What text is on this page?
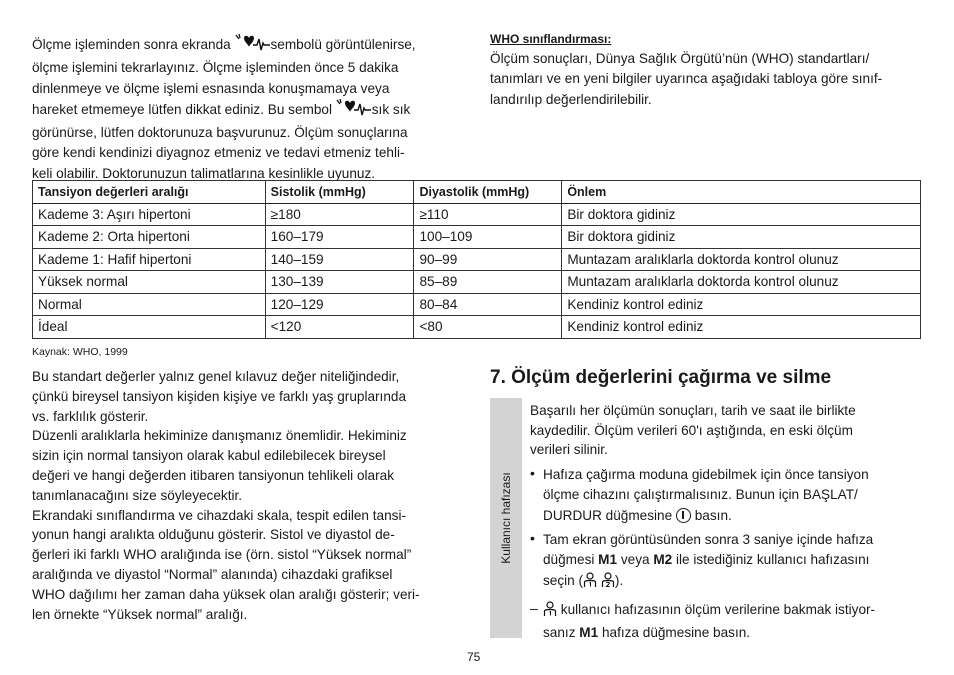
Ölçme işleminden sonra ekranda	sembolü görüntülenirse,
ölçme işlemini tekrarlayınız. Ölçme işleminden önce 5 dakika
dinlenmeye ve ölçme işlemi esnasında konuşmamaya veya
hareket etmemeye lütfen dikkat ediniz. Bu sembol	sık sık
görünürse, lütfen doktorunuza başvurunuz. Ölçüm sonuçlarına
göre kendi kendinizi diyagnoz etmeniz ve tedavi etmeniz tehli-
keli olabilir. Doktorunuzun talimatlarına kesinlikle uyunuz.
WHO sınıflandırması:
Ölçüm sonuçları, Dünya Sağlık Örgütü’nün (WHO) standartları/
tanımları ve en yeni bilgiler uyarınca aşağıdaki tabloya göre sınıf-
landırılıp değerlendirilebilir.
Tansiyon değerleri aralığı	Sistolik (mmHg)	Diyastolik (mmHg)	Önlem
Kademe 3: Aşırı hipertoni	≥180	≥110	Bir doktora gidiniz
Kademe 2: Orta hipertoni	160–179	100–109	Bir doktora gidiniz
Kademe 1: Hafif hipertoni	140–159	90–99	Muntazam aralıklarla doktorda kontrol olunuz
Yüksek normal	130–139	85–89	Muntazam aralıklarla doktorda kontrol olunuz
Normal	120–129	80–84	Kendiniz kontrol ediniz
İdeal	<120	<80	Kendiniz kontrol ediniz
Kaynak: WHO, 1999
Bu standart değerler yalnız genel kılavuz değer niteliğindedir,
çünkü bireysel tansiyon kişiden kişiye ve farklı yaş gruplarında
vs. farklılık gösterir.
Düzenli aralıklarla hekiminize danışmanız önemlidir. Hekiminiz
sizin için normal tansiyon olarak kabul edilebilecek bireysel
değeri ve hangi değerden itibaren tansiyonun tehlikeli olarak
tanımlanacağını size söyleyecektir.
Ekrandaki sınıflandırma ve cihazdaki skala, tespit edilen tansi-
yonun hangi aralıkta olduğunu gösterir. Sistol ve diyastol de-
ğerleri iki farklı WHO aralığında ise (örn. sistol “Yüksek normal”
aralığında ve diyastol “Normal” alanında) cihazdaki grafiksel
WHO dağılımı her zaman daha yüksek olan aralığı gösterir; veri-
len örnekte “Yüksek normal” aralığı.
7. Ölçüm değerlerini çağırma ve silme
Kullanıcı hafızası
Başarılı her ölçümün sonuçları, tarih ve saat ile birlikte
kaydedilir. Ölçüm verileri 60'ı aştığında, en eski ölçüm
verileri silinir.
• Hafıza çağırma moduna gidebilmek için önce tansiyon
ölçme cihazını çalıştırmalısınız. Bunun için BAŞLAT/
DURDUR düğmesine  basın.
• Tam ekran görüntüsünden sonra 3 saniye içinde hafıza
düğmesi M1 veya M2 ile istediğiniz kullanıcı hafızasını
seçin ( ).
–	kullanıcı hafızasının ölçüm verilerine bakmak istiyor-
sanız M1 hafıza düğmesine basın.
75
